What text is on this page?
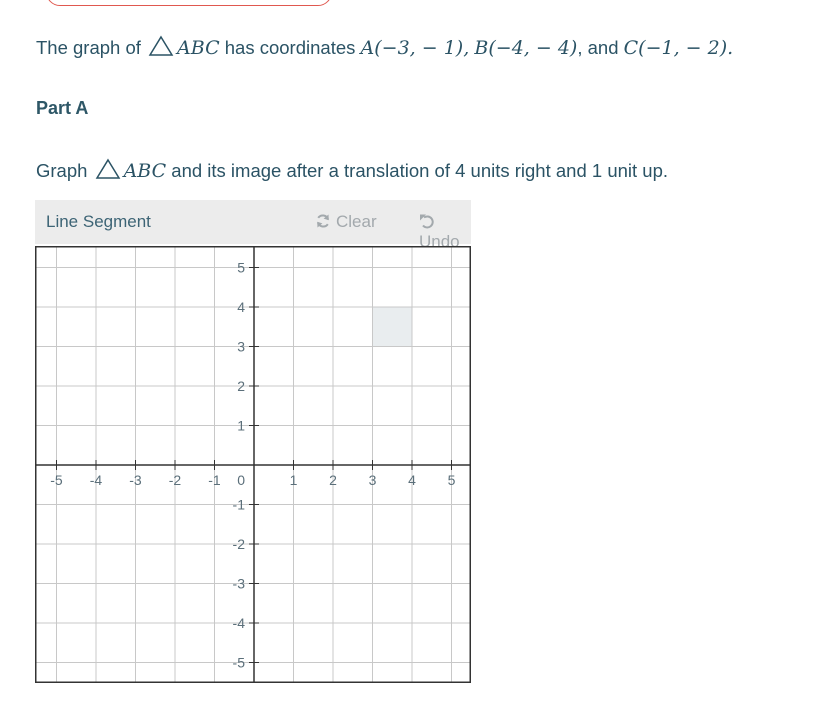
The graph of ABC has coordinates A(−3, − 1), B(−4, − 4), and C(−1, − 2).
Part A
Graph ABC and its image after a translation of 4 units right and 1 unit up.
Line Segment	Clear
Undo
-5 -4 -3 -2 -1	1 2 3 4 5
5
4
3
2
1
-1
-2
-3
-4
-5
0
